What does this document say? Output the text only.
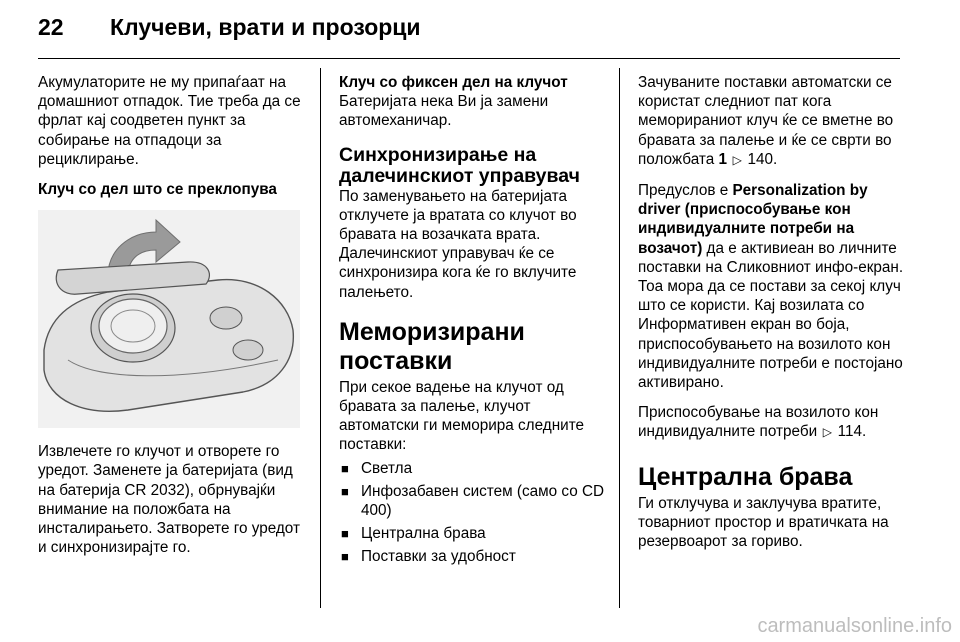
22	Клучеви, врати и прозорци

Акумулаторите не му припаѓаат на домашниот отпадок. Тие треба да се фрлат кај соодветен пункт за собирање на отпадоци за рециклирање.

Клуч со дел што се преклопува

Извлечете го клучот и отворете го уредот. Заменете ја батеријата (вид на батерија CR 2032), обрнувајќи внимание на положбата на инсталирањето. Затворете го уредот и синхронизирајте го.

Клуч со фиксен дел на клучот

Батеријата нека Ви ја замени автомеханичар.

Синхронизирање на далечинскиот управувач

По заменувањето на батеријата отклучете ја вратата со клучот во бравата на возачката врата. Далечинскиот управувач ќе се синхронизира кога ќе го вклучите палењето.

Меморизирани поставки

При секое вадење на клучот од бравата за палење, клучот автоматски ги меморира следните поставки:

■ Светла
■ Инфозабавен систем (само со CD 400)
■ Централна брава
■ Поставки за удобност

Зачуваните поставки автоматски се користат следниот пат кога меморираниот клуч ќе се вметне во бравата за палење и ќе се сврти во положбата 1 ▷ 140.

Предуслов е Personalization by driver (приспособување кон индивидуалните потреби на возачот) да е активиеан во личните поставки на Сликовниот инфо-екран. Тоа мора да се постави за секој клуч што се користи. Кај возилата со Информативен екран во боја, приспособувањето на возилото кон индивидуалните потреби е постојано активирано.

Приспособување на возилото кон индивидуалните потреби ▷ 114.

Централна брава

Ги отклучува и заклучува вратите, товарниот простор и вратичката на резервоарот за гориво.

carmanualsonline.info
